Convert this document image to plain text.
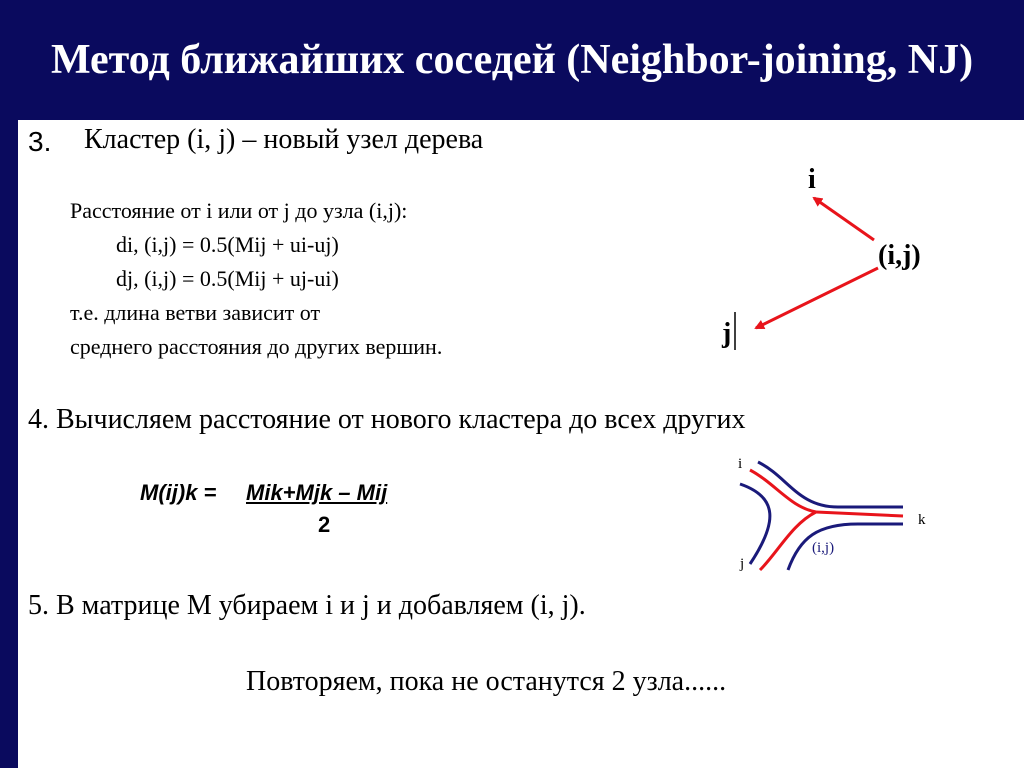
Метод ближайших соседей (Neighbor-joining, NJ)
3. Кластер (i, j) – новый узел дерева
Расстояние от i или от j до узла (i,j):
di, (i,j) = 0.5(Mij + ui-uj)
dj, (i,j) = 0.5(Mij + uj-ui)
т.е. длина ветви зависит от
среднего расстояния до других вершин.
i
(i,j)
j
4. Вычисляем расстояние от нового кластера до всех других
M(ij)k = Mik+Mjk – Mij
2
i
k
(i,j)
j
5. В матрице М убираем i и j и добавляем (i, j).
Повторяем, пока не останутся 2 узла......
